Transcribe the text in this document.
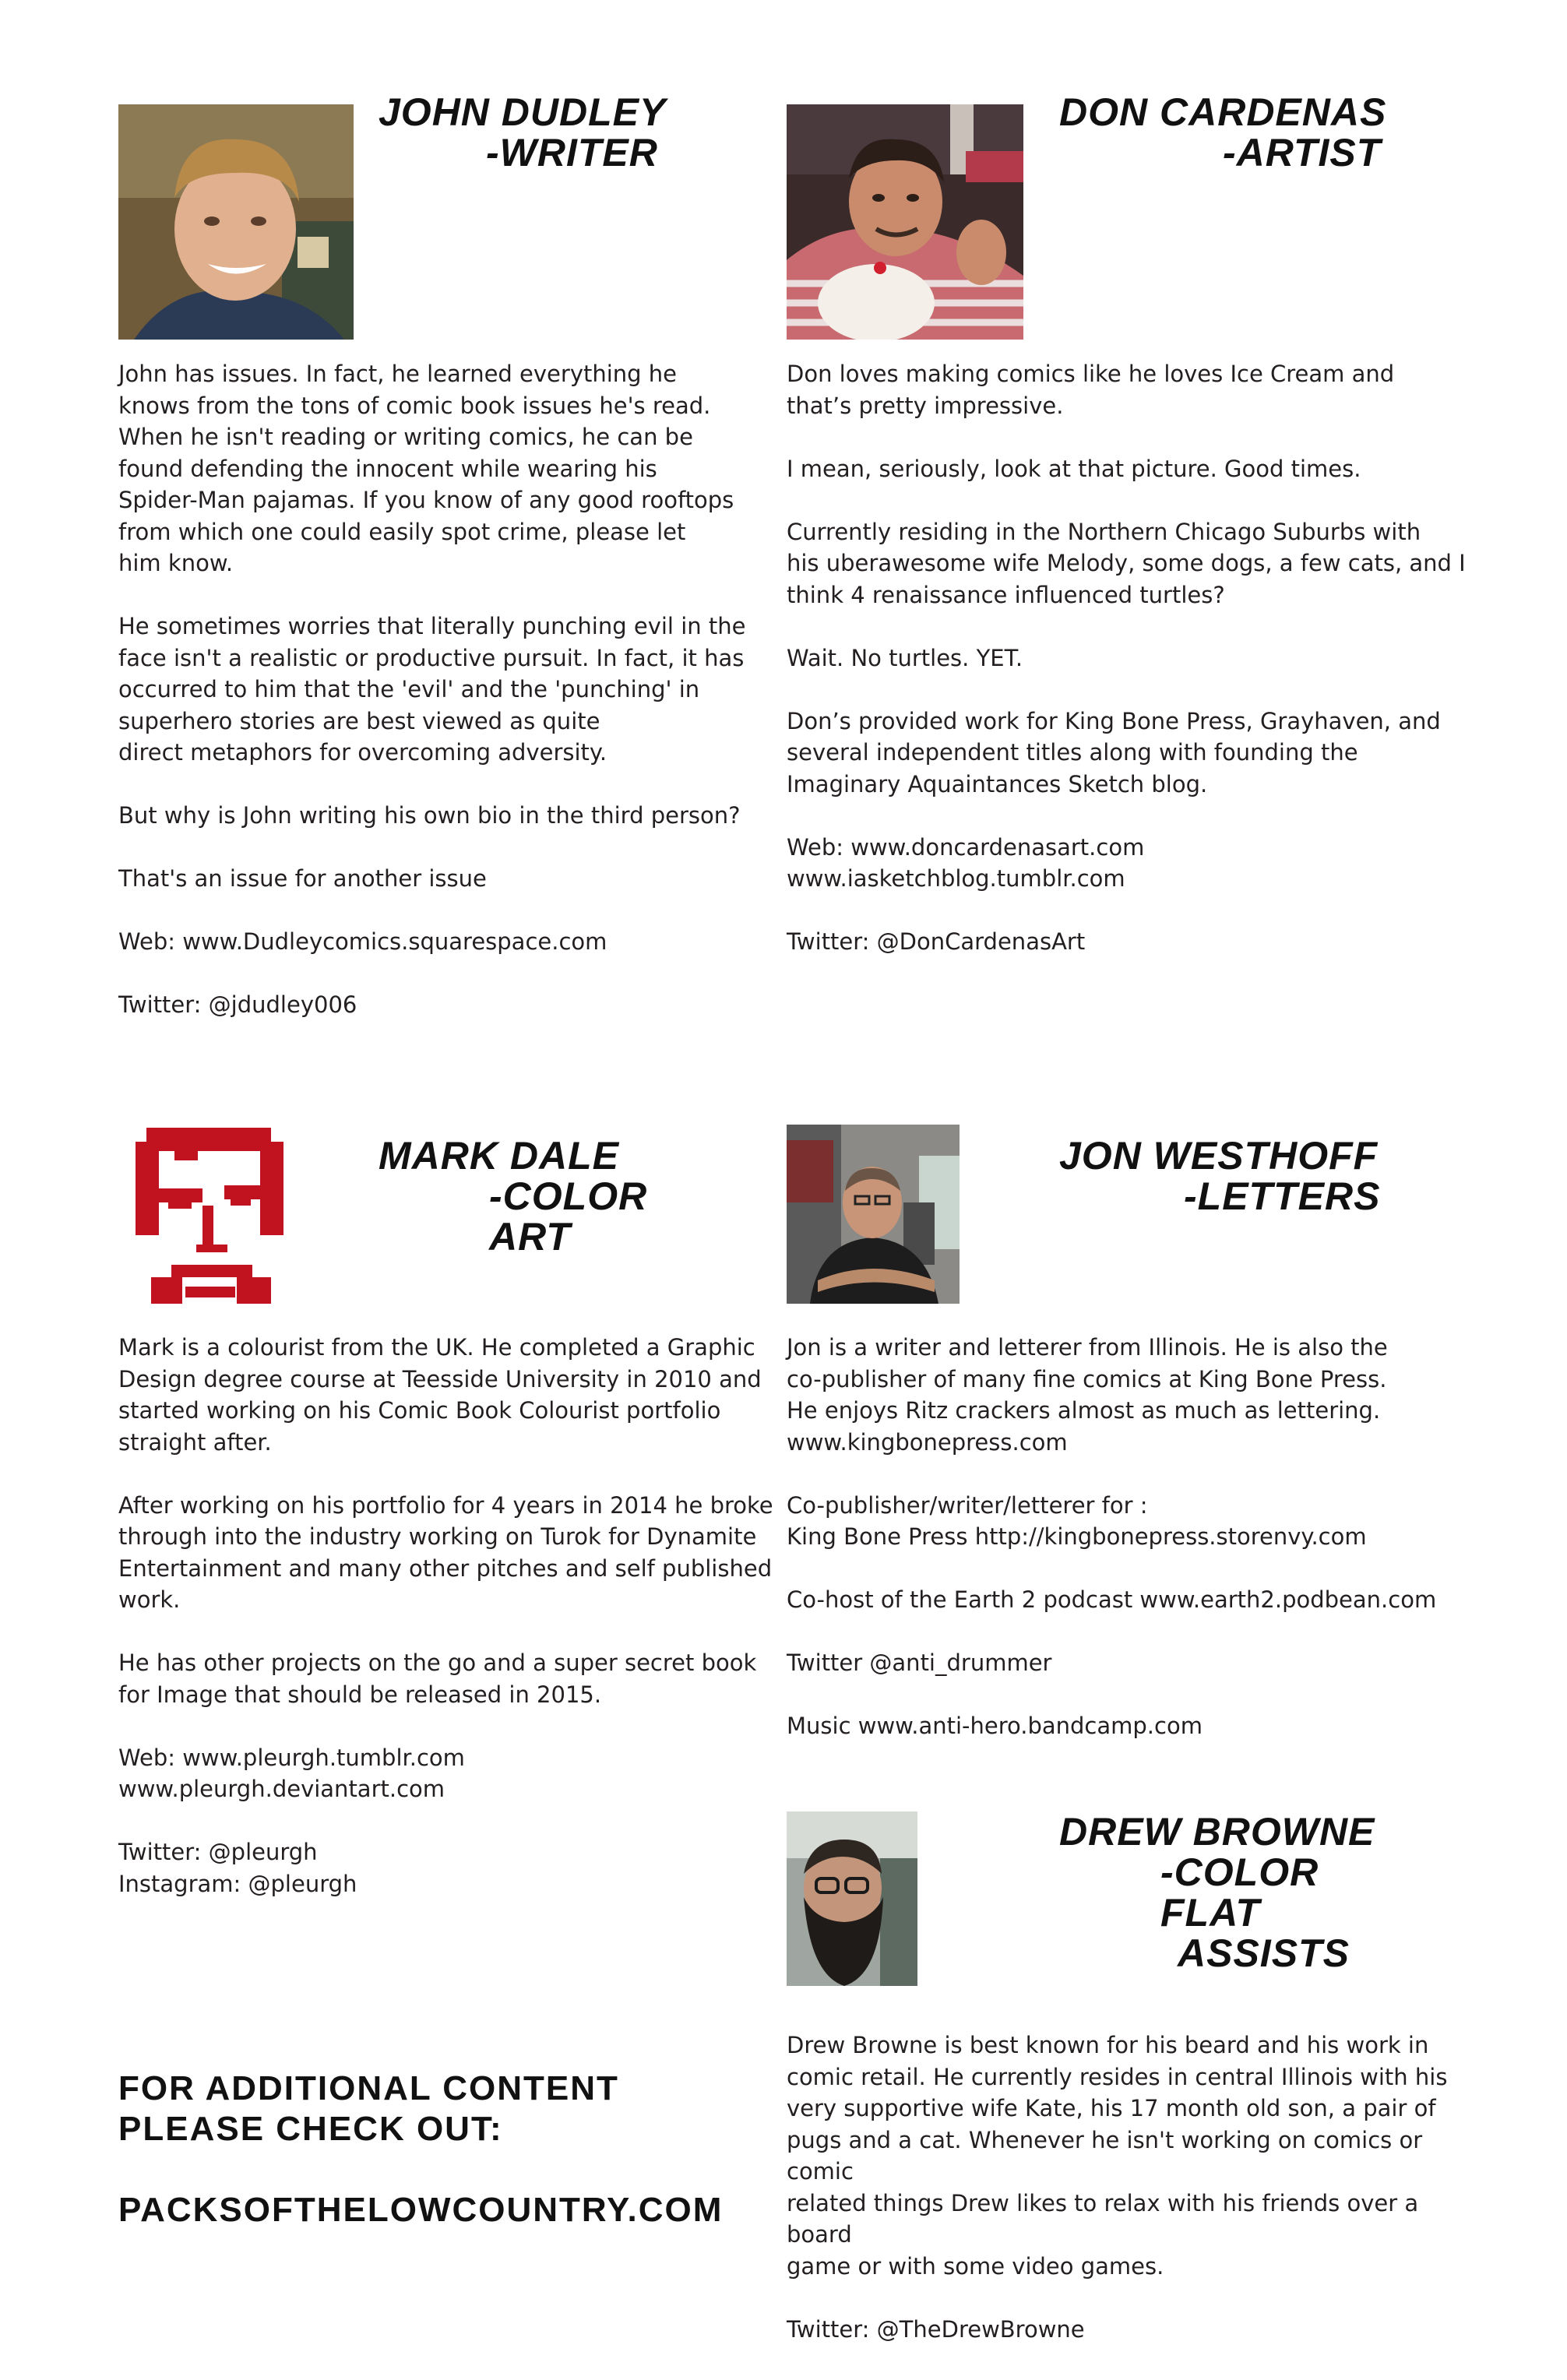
JOHN DUDLEY
-WRITER

John has issues. In fact, he learned everything he
knows from the tons of comic book issues he's read.
When he isn't reading or writing comics, he can be
found defending the innocent while wearing his
Spider-Man pajamas. If you know of any good rooftops
from which one could easily spot crime, please let
him know.

He sometimes worries that literally punching evil in the
face isn't a realistic or productive pursuit. In fact, it has
occurred to him that the 'evil' and the 'punching' in
superhero stories are best viewed as quite
direct metaphors for overcoming adversity.

But why is John writing his own bio in the third person?

That's an issue for another issue

Web: www.Dudleycomics.squarespace.com

Twitter: @jdudley006

DON CARDENAS
-ARTIST

Don loves making comics like he loves Ice Cream and
that’s pretty impressive.

I mean, seriously, look at that picture. Good times.

Currently residing in the Northern Chicago Suburbs with
his uberawesome wife Melody, some dogs, a few cats, and I
think 4 renaissance influenced turtles?

Wait. No turtles. YET.

Don’s provided work for King Bone Press, Grayhaven, and
several independent titles along with founding the
Imaginary Aquaintances Sketch blog.

Web: www.doncardenasart.com
www.iasketchblog.tumblr.com

Twitter: @DonCardenasArt

MARK DALE
-COLOR ART

Mark is a colourist from the UK. He completed a Graphic
Design degree course at Teesside University in 2010 and
started working on his Comic Book Colourist portfolio
straight after.

After working on his portfolio for 4 years in 2014 he broke
through into the industry working on Turok for Dynamite
Entertainment and many other pitches and self published
work.

He has other projects on the go and a super secret book
for Image that should be released in 2015.

Web: www.pleurgh.tumblr.com
www.pleurgh.deviantart.com

Twitter: @pleurgh
Instagram: @pleurgh

JON WESTHOFF
-LETTERS

Jon is a writer and letterer from Illinois. He is also the
co-publisher of many fine comics at King Bone Press.
He enjoys Ritz crackers almost as much as lettering.
www.kingbonepress.com

Co-publisher/writer/letterer for :
King Bone Press http://kingbonepress.storenvy.com

Co-host of the Earth 2 podcast www.earth2.podbean.com

Twitter @anti_drummer

Music www.anti-hero.bandcamp.com

DREW BROWNE
-COLOR FLAT
ASSISTS

Drew Browne is best known for his beard and his work in
comic retail. He currently resides in central Illinois with his
very supportive wife Kate, his 17 month old son, a pair of
pugs and a cat. Whenever he isn't working on comics or comic
related things Drew likes to relax with his friends over a board
game or with some video games.

Twitter: @TheDrewBrowne

FOR ADDITIONAL CONTENT

PLEASE CHECK OUT:

PACKSOFTHELOWCOUNTRY.COM
